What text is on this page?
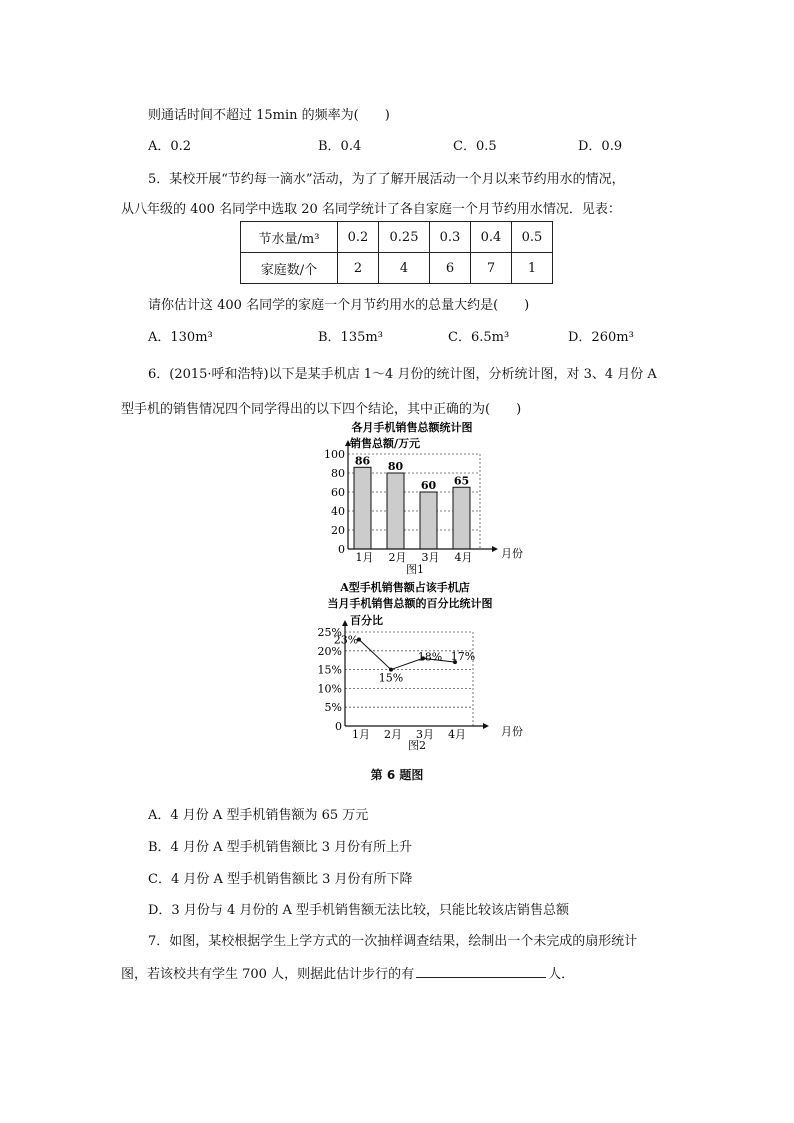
则通话时间不超过 15min 的频率为(　　)
A．0.2	B．0.4	C．0.5	D．0.9
5．某校开展“节约每一滴水”活动，为了了解开展活动一个月以来节约用水的情况，
从八年级的 400 名同学中选取 20 名同学统计了各自家庭一个月节约用水情况．见表：
节水量/m³	0.2	0.25	0.3	0.4	0.5
家庭数/个	2	4	6	7	1
请你估计这 400 名同学的家庭一个月节约用水的总量大约是(　　)
A．130m³	B．135m³	C．6.5m³	D．260m³
6．(2015·呼和浩特)以下是某手机店 1～4 月份的统计图，分析统计图，对 3、4 月份 A
型手机的销售情况四个同学得出的以下四个结论，其中正确的为(　　)
各月手机销售总额统计图
销售总额/万元
0
20
40
60
80
100 86
1月
80
2月
60
3月
65
4月	月份
图1
A型手机销售额占该手机店
当月手机销售总额的百分比统计图
百分比
0
5%
10%
15%
20%
25%
23%
1月
15%
2月
18%
3月
17%
4月	月份
图2
第 6 题图
A．4 月份 A 型手机销售额为 65 万元
B．4 月份 A 型手机销售额比 3 月份有所上升
C．4 月份 A 型手机销售额比 3 月份有所下降
D．3 月份与 4 月份的 A 型手机销售额无法比较，只能比较该店销售总额
7．如图，某校根据学生上学方式的一次抽样调查结果，绘制出一个未完成的扇形统计
图，若该校共有学生 700 人，则据此估计步行的有	人．
